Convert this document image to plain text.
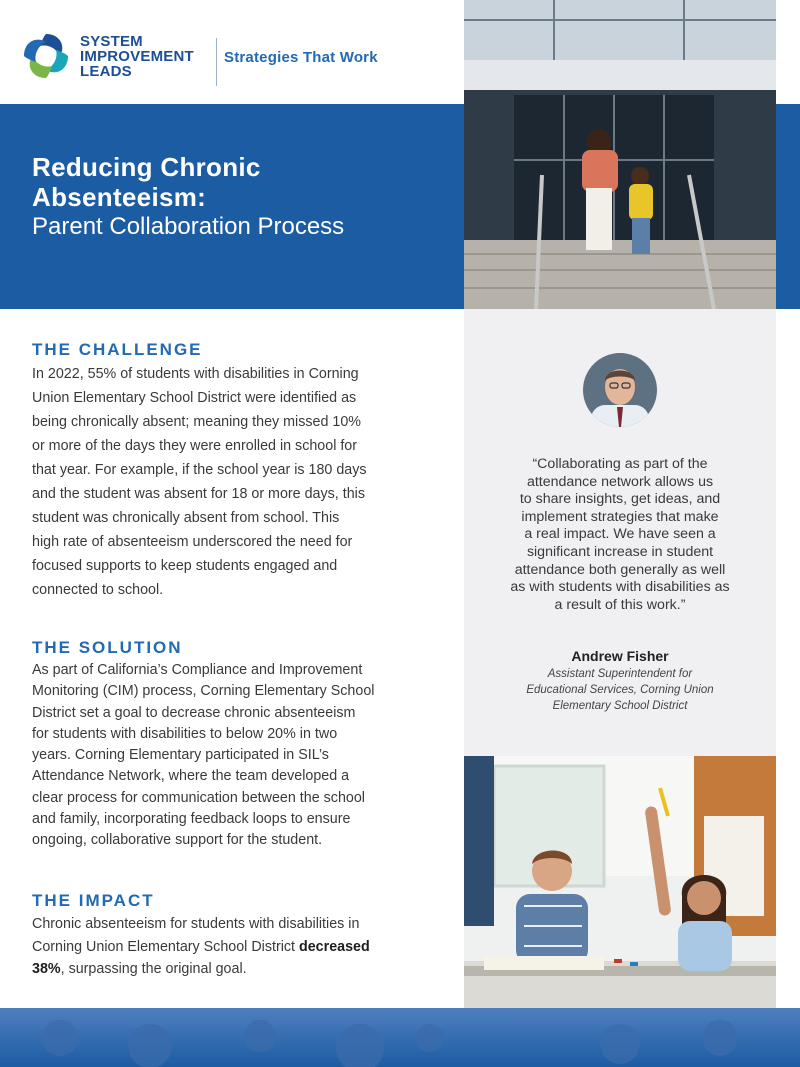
SYSTEM
IMPROVEMENT
LEADS
Strategies That Work
Reducing Chronic
Absenteeism:
Parent Collaboration Process
“Collaborating as part of the
attendance network allows us
to share insights, get ideas, and
implement strategies that make
a real impact. We have seen a
significant increase in student
attendance both generally as well
as with students with disabilities as
a result of this work.”
Andrew Fisher
Assistant Superintendent for
Educational Services, Corning Union
Elementary School District
THE CHALLENGE
In 2022, 55% of students with disabilities in Corning
Union Elementary School District were identified as
being chronically absent; meaning they missed 10%
or more of the days they were enrolled in school for
that year. For example, if the school year is 180 days
and the student was absent for 18 or more days, this
student was chronically absent from school. This
high rate of absenteeism underscored the need for
focused supports to keep students engaged and
connected to school.
THE SOLUTION
As part of California’s Compliance and Improvement
Monitoring (CIM) process, Corning Elementary School
District set a goal to decrease chronic absenteeism
for students with disabilities to below 20% in two
years. Corning Elementary participated in SIL’s
Attendance Network, where the team developed a
clear process for communication between the school
and family, incorporating feedback loops to ensure
ongoing, collaborative support for the student.
THE IMPACT
Chronic absenteeism for students with disabilities in
Corning Union Elementary School District decreased
38%, surpassing the original goal.
